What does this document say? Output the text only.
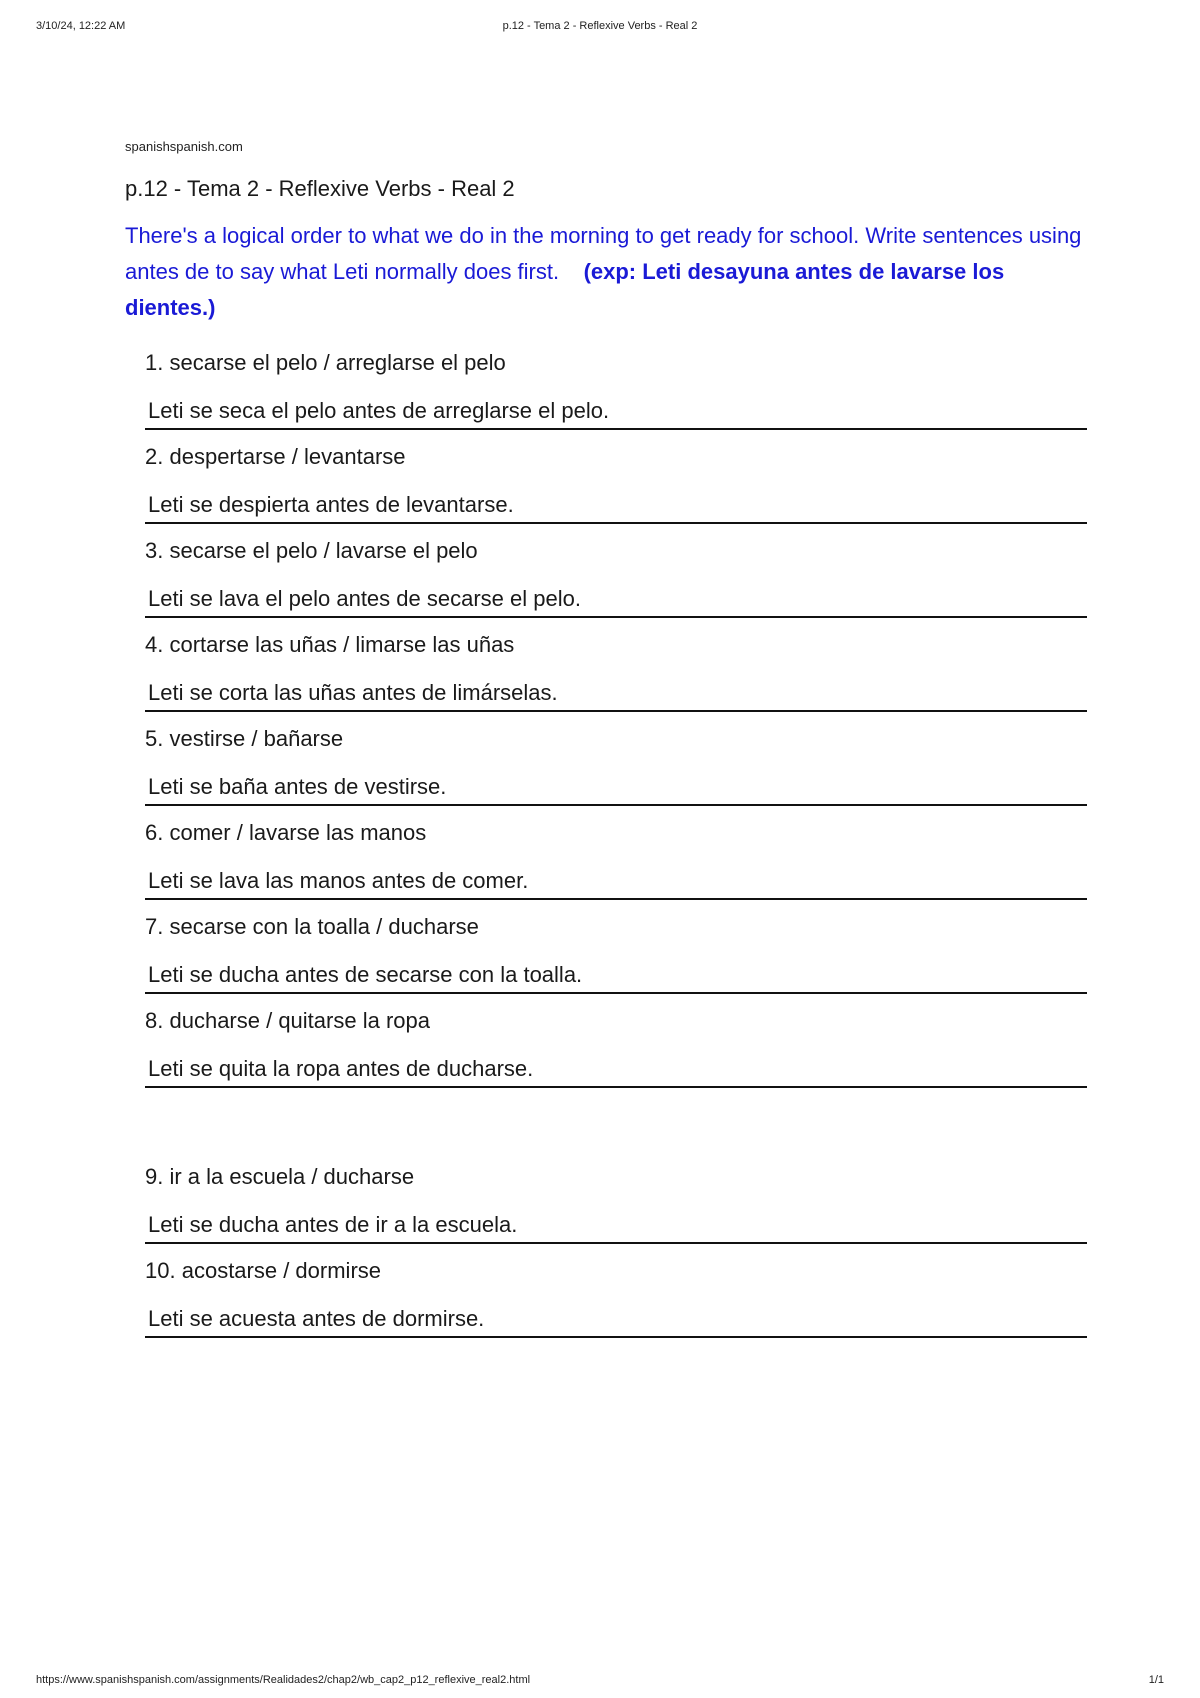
3/10/24, 12:22 AM	p.12 - Tema 2 - Reflexive Verbs - Real 2
spanishspanish.com
p.12 - Tema 2 - Reflexive Verbs - Real 2

There's a logical order to what we do in the morning to get ready for school. Write sentences using antes de to say what Leti normally does first. (exp: Leti desayuna antes de lavarse los dientes.)

1. secarse el pelo / arreglarse el pelo
Leti se seca el pelo antes de arreglarse el pelo.
2. despertarse / levantarse
Leti se despierta antes de levantarse.
3. secarse el pelo / lavarse el pelo
Leti se lava el pelo antes de secarse el pelo.
4. cortarse las uñas / limarse las uñas
Leti se corta las uñas antes de limárselas.
5. vestirse / bañarse
Leti se baña antes de vestirse.
6. comer / lavarse las manos
Leti se lava las manos antes de comer.
7. secarse con la toalla / ducharse
Leti se ducha antes de secarse con la toalla.
8. ducharse / quitarse la ropa
Leti se quita la ropa antes de ducharse.
9. ir a la escuela / ducharse
Leti se ducha antes de ir a la escuela.
10. acostarse / dormirse
Leti se acuesta antes de dormirse.
https://www.spanishspanish.com/assignments/Realidades2/chap2/wb_cap2_p12_reflexive_real2.html	1/1
